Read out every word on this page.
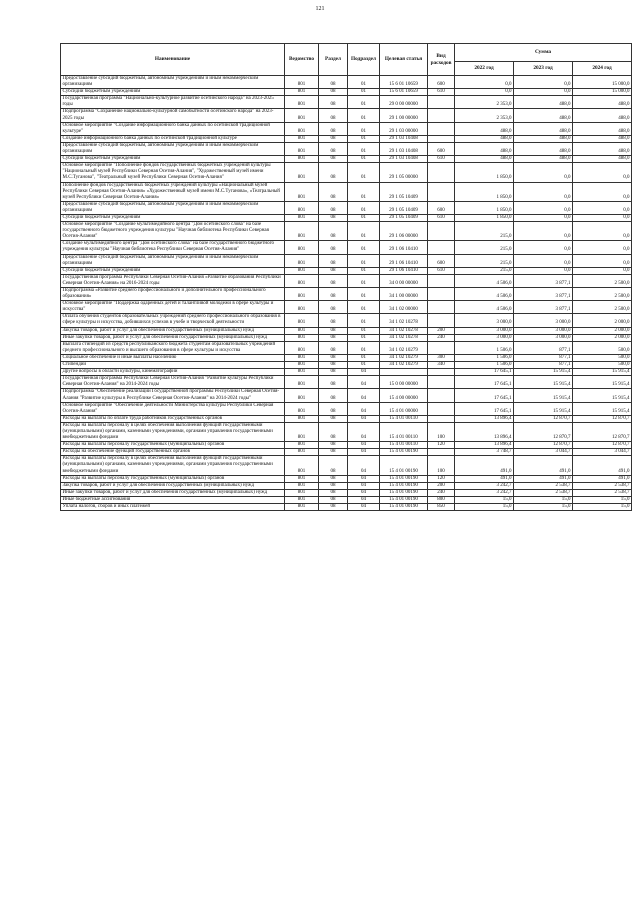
121
Наименование	Ведомство	Раздел	Подраздел	Целевая статья	Вид расходов	Сумма		
						2022 год	2023 год	2024 год
Предоставление субсидий бюджетным, автономным учреждениям и иным некоммерческим организациям	801	08	01	15 6 01 10659	600	0,0	0,0	15 000,0
Субсидии бюджетным учреждениям	801	08	01	15 6 01 10659	610	0,0	0,0	15 000,0
Государственная программа "Национально-культурное развитие осетинского народа" на 2023-2025 годы	801	08	01	29 0 00 00000		2 353,0	488,0	488,0
Подпрограмма "Сохранение национально-культурной самобытности осетинского народа" на 2023-2025 годы	801	08	01	29 1 00 00000		2 353,0	488,0	488,0
Основное мероприятие "Создание информационного банка данных по осетинской традиционной культуре"	801	08	01	29 1 03 00000		488,0	488,0	488,0
Создание информационного банка данных по осетинской традиционной культуре	801	08	01	29 1 03 10408		488,0	488,0	488,0
Предоставление субсидий бюджетным, автономным учреждениям и иным некоммерческим организациям	801	08	01	29 1 03 10408	600	488,0	488,0	488,0
Субсидии бюджетным учреждениям	801	08	01	29 1 03 10408	610	488,0	488,0	488,0
Основное мероприятие "Пополнение фондов государственных бюджетных учреждений культуры "Национальный музей Республики Северная Осетия-Алания", "Художественный музей имени М.С.Туганова", "Театральный музей Республики Северная Осетия-Алания"	801	08	01	29 1 05 00000		1 850,0	0,0	0,0
Пополнение фондов государственных бюджетных учреждений культуры «Национальный музей Республики Северная Осетия-Алания» «Художественный музей имени М.С.Туганова», «Театральный музей Республики Северная Осетия-Алания»	801	08	01	29 1 05 10409		1 850,0	0,0	0,0
Предоставление субсидий бюджетным, автономным учреждениям и иным некоммерческим организациям	801	08	01	29 1 05 10409	600	1 850,0	0,0	0,0
Субсидии бюджетным учреждениям	801	08	01	29 1 05 10409	610	1 850,0	0,0	0,0
Основное мероприятие "Создание мультимедийного центра "Дом осетинского слова" на базе государственного бюджетного учреждения культуры "Научная библиотека Республики Северная Осетия-Алания"	801	08	01	29 1 06 00000		215,0	0,0	0,0
Создание мультимедийного центра "Дом осетинского слова" на базе государственного бюджетного учреждения культуры "Научная библиотека Республики Северная Осетия-Алания"	801	08	01	29 1 06 10410		215,0	0,0	0,0
Предоставление субсидий бюджетным, автономным учреждениям и иным некоммерческим организациям	801	08	01	29 1 06 10410	600	215,0	0,0	0,0
Субсидии бюджетным учреждениям	801	08	01	29 1 06 10410	610	215,0	0,0	0,0
Государственная программа Республики Северная Осетия-Алания «Развитие образования Республики Северная Осетия-Алания» на 2016-2024 годы	801	08	01	34 0 00 00000		4 506,0	3 877,1	2 500,0
Подпрограмма «Развитие среднего профессионального и дополнительного профессионального образования»	801	08	01	34 1 00 00000		4 506,0	3 877,1	2 500,0
Основное мероприятие "Поддержка одаренных детей и талантливой молодежи в сфере культуры и искусства"	801	08	01	34 1 02 00000		4 506,0	3 877,1	2 500,0
Оплата обучения студентов образовательных учреждений среднего профессионального образования в сфере культуры и искусства, добившихся успехов в учебе и творческой деятельности	801	08	01	34 1 02 10278		3 000,0	3 000,0	2 000,0
Закупка товаров, работ и услуг для обеспечения государственных (муниципальных) нужд	801	08	01	34 1 02 10278	200	3 000,0	3 000,0	2 000,0
Иные закупки товаров, работ и услуг для обеспечения государственных (муниципальных) нужд	801	08	01	34 1 02 10278	240	3 000,0	3 000,0	2 000,0
Выплата стипендий из средств республиканского бюджета студентам образовательных учреждений среднего профессионального и высшего образования в сфере культуры и искусства	801	08	01	34 1 02 10279		1 506,0	877,1	500,0
Социальное обеспечение и иные выплаты населению	801	08	01	34 1 02 10279	300	1 506,0	877,1	500,0
Стипендии	801	08	01	34 1 02 10279	340	1 506,0	877,1	500,0
Другие вопросы в области культуры, кинематографии	801	08	04			17 645,1	15 915,4	15 915,4
Государственная программа Республики Северная Осетия-Алания "Развитие культуры Республики Северная Осетия-Алания" на 2014-2024 годы	801	08	04	15 0 00 00000		17 645,1	15 915,4	15 915,4
Подпрограмма "Обеспечение реализации Государственной программы Республики Северная Осетия-Алания "Развитие культуры в Республике Северная Осетия-Алания" на 2014-2024 годы"	801	08	04	15 4 00 00000		17 645,1	15 915,4	15 915,4
Основное мероприятие "Обеспечение деятельности Министерства культуры Республики Северная Осетия-Алания"	801	08	04	15 4 01 00000		17 645,1	15 915,4	15 915,4
Расходы на выплаты по оплате труда работников государственных органов	801	08	04	15 4 01 00110		13 896,4	12 870,7	12 870,7
Расходы на выплаты персоналу в целях обеспечения выполнения функций государственными (муниципальными) органами, казенными учреждениями, органами управления государственными внебюджетными фондами	801	08	04	15 4 01 00110	100	13 896,4	12 870,7	12 870,7
Расходы на выплаты персоналу государственных (муниципальных) органов	801	08	04	15 4 01 00110	120	13 896,4	12 870,7	12 870,7
Расходы на обеспечение функций государственных органов	801	08	04	15 4 01 00190		3 748,7	3 044,7	3 044,7
Расходы на выплаты персоналу в целях обеспечения выполнения функций государственными (муниципальными) органами, казенными учреждениями, органами управления государственными внебюджетными фондами	801	08	04	15 4 01 00190	100	491,0	491,0	491,0
Расходы на выплаты персоналу государственных (муниципальных) органов	801	08	04	15 4 01 00190	120	491,0	491,0	491,0
Закупка товаров, работ и услуг для обеспечения государственных (муниципальных) нужд	801	08	04	15 4 01 00190	200	3 242,7	2 538,7	2 538,7
Иные закупки товаров, работ и услуг для обеспечения государственных (муниципальных) нужд	801	08	04	15 4 01 00190	240	3 242,7	2 538,7	2 538,7
Иные бюджетные ассигнования	801	08	04	15 4 01 00190	800	15,0	15,0	15,0
Уплата налогов, сборов и иных платежей	801	08	04	15 4 01 00190	850	15,0	15,0	15,0
